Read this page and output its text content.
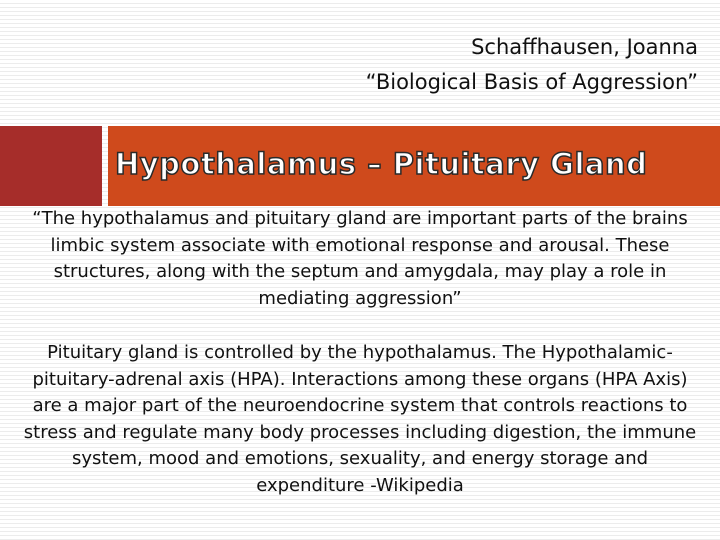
Schaffhausen, Joanna
“Biological Basis of Aggression”
Hypothalamus – Pituitary Gland

“The hypothalamus and pituitary gland are important parts of the brains limbic system associate with emotional response and arousal. These structures, along with the septum and amygdala, may play a role in mediating aggression”

Pituitary gland is controlled by the hypothalamus. The Hypothalamic-pituitary-adrenal axis (HPA). Interactions among these organs (HPA Axis) are a major part of the neuroendocrine system that controls reactions to stress and regulate many body processes including digestion, the immune system, mood and emotions, sexuality, and energy storage and expenditure -Wikipedia
